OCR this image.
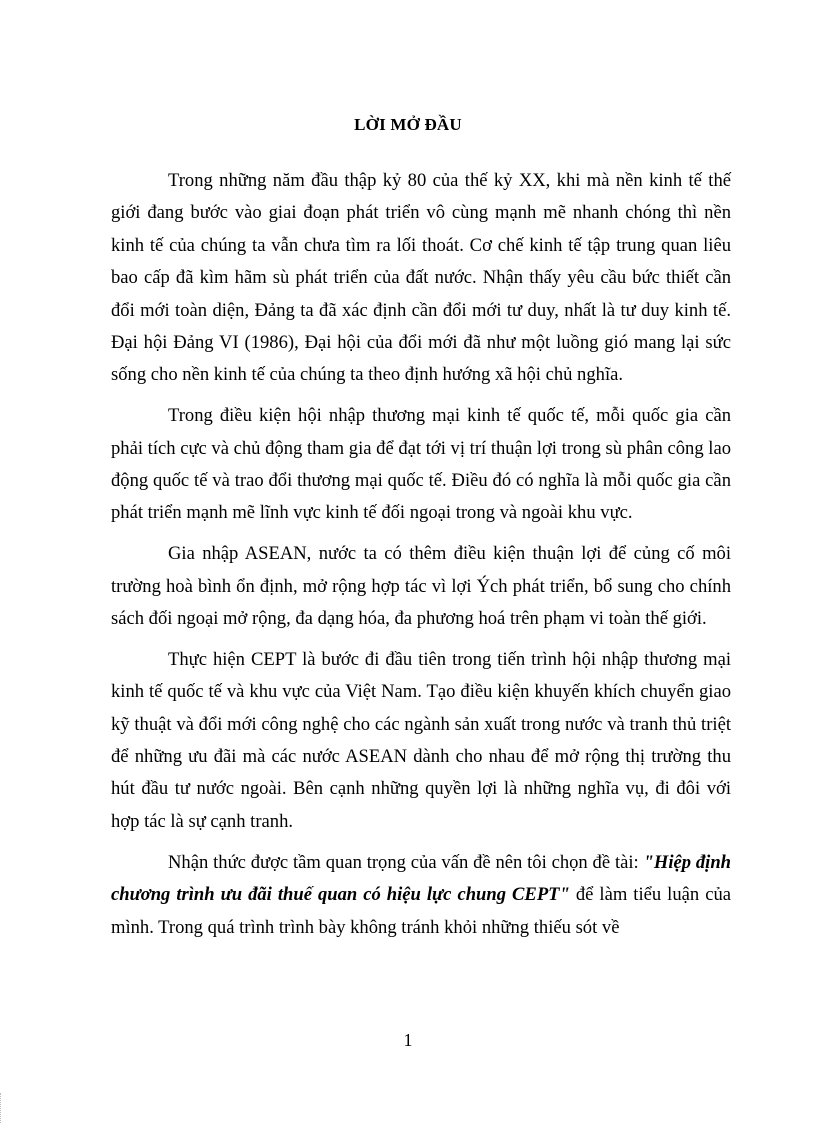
LỜI MỞ ĐẦU

Trong những năm đầu thập kỷ 80 của thế kỷ XX, khi mà nền kinh tế thế giới đang bước vào giai đoạn phát triển vô cùng mạnh mẽ nhanh chóng thì nền kinh tế của chúng ta vẫn chưa tìm ra lối thoát. Cơ chế kinh tế tập trung quan liêu bao cấp đã kìm hãm sù phát triển của đất nước. Nhận thấy yêu cầu bức thiết cần đổi mới toàn diện, Đảng ta đã xác định cần đổi mới tư duy, nhất là tư duy kinh tế. Đại hội Đảng VI (1986), Đại hội của đổi mới đã như một luồng gió mang lại sức sống cho nền kinh tế của chúng ta theo định hướng xã hội chủ nghĩa.

Trong điều kiện hội nhập thương mại kinh tế quốc tế, mỗi quốc gia cần phải tích cực và chủ động tham gia để đạt tới vị trí thuận lợi trong sù phân công lao động quốc tế và trao đổi thương mại quốc tế. Điều đó có nghĩa là mỗi quốc gia cần phát triển mạnh mẽ lĩnh vực kinh tế đối ngoại trong và ngoài khu vực.

Gia nhập ASEAN, nước ta có thêm điều kiện thuận lợi để củng cố môi trường hoà bình ổn định, mở rộng hợp tác vì lợi Ých phát triển, bổ sung cho chính sách đối ngoại mở rộng, đa dạng hóa, đa phương hoá trên phạm vi toàn thế giới.

Thực hiện CEPT là bước đi đầu tiên trong tiến trình hội nhập thương mại kinh tế quốc tế và khu vực của Việt Nam. Tạo điều kiện khuyến khích chuyển giao kỹ thuật và đổi mới công nghệ cho các ngành sản xuất trong nước và tranh thủ triệt để những ưu đãi mà các nước ASEAN dành cho nhau để mở rộng thị trường thu hút đầu tư nước ngoài. Bên cạnh những quyền lợi là những nghĩa vụ, đi đôi với hợp tác là sự cạnh tranh.

Nhận thức được tầm quan trọng của vấn đề nên tôi chọn đề tài: "Hiệp định chương trình ưu đãi thuế quan có hiệu lực chung CEPT" để làm tiểu luận của mình. Trong quá trình trình bày không tránh khỏi những thiếu sót về

1
